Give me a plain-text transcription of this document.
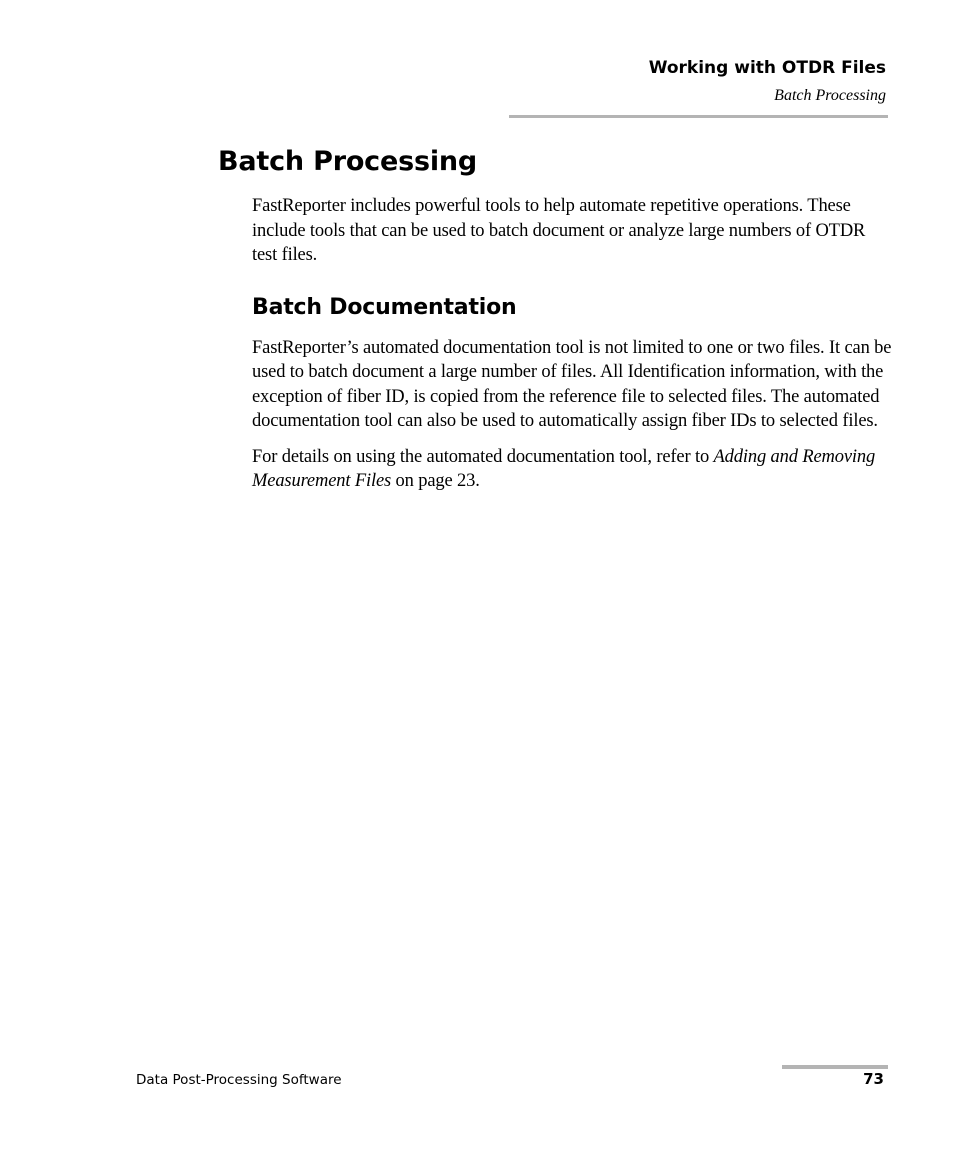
Working with OTDR Files
Batch Processing
Batch Processing

FastReporter includes powerful tools to help automate repetitive operations. These include tools that can be used to batch document or analyze large numbers of OTDR test files.

Batch Documentation

FastReporter’s automated documentation tool is not limited to one or two files. It can be used to batch document a large number of files. All Identification information, with the exception of fiber ID, is copied from the reference file to selected files. The automated documentation tool can also be used to automatically assign fiber IDs to selected files.

For details on using the automated documentation tool, refer to Adding and Removing Measurement Files on page 23.

Data Post-Processing Software	73
